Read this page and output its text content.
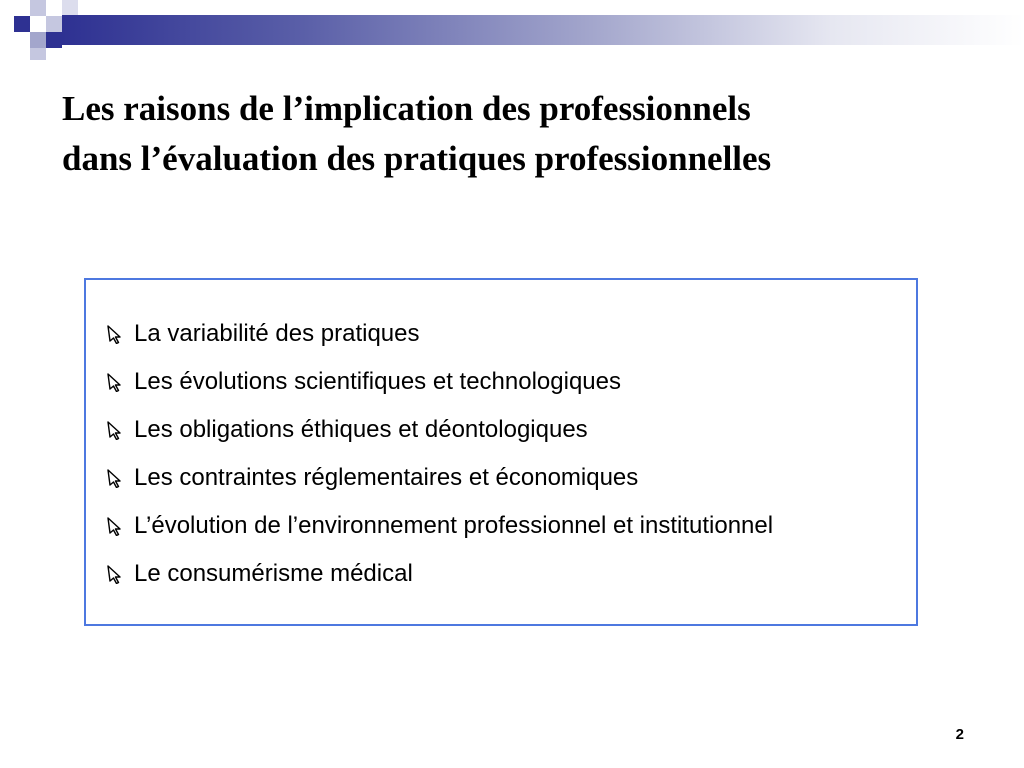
Les raisons de l’implication des professionnels
dans l’évaluation des pratiques professionnelles
La variabilité des pratiques
Les évolutions scientifiques et technologiques
Les obligations éthiques et déontologiques
Les contraintes réglementaires et économiques
L’évolution de l’environnement professionnel et institutionnel
Le consumérisme médical
2
